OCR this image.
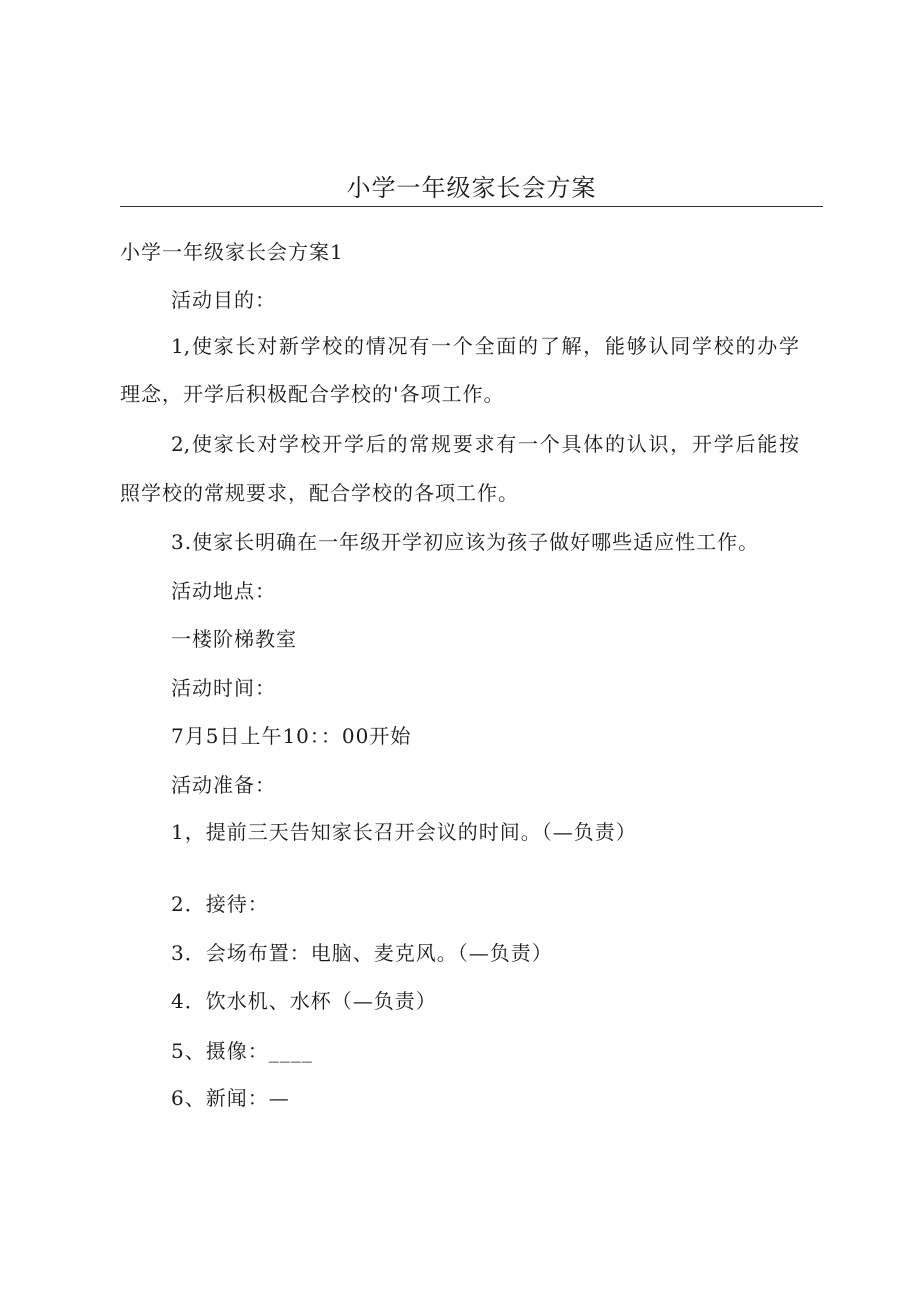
小学一年级家长会方案
小学一年级家长会方案1
活动目的：
1,使家长对新学校的情况有一个全面的了解，能够认同学校的办学
理念，开学后积极配合学校的'各项工作。
2,使家长对学校开学后的常规要求有一个具体的认识，开学后能按
照学校的常规要求，配合学校的各项工作。
3.使家长明确在一年级开学初应该为孩子做好哪些适应性工作。
活动地点：
一楼阶梯教室
活动时间：
7月5日上午10：：00开始
活动准备：
1，提前三天告知家长召开会议的时间。（—负责）
2．接待：
3．会场布置：电脑、麦克风。（—负责）
4．饮水机、水杯（—负责）
5、摄像：____
6、新闻：—
